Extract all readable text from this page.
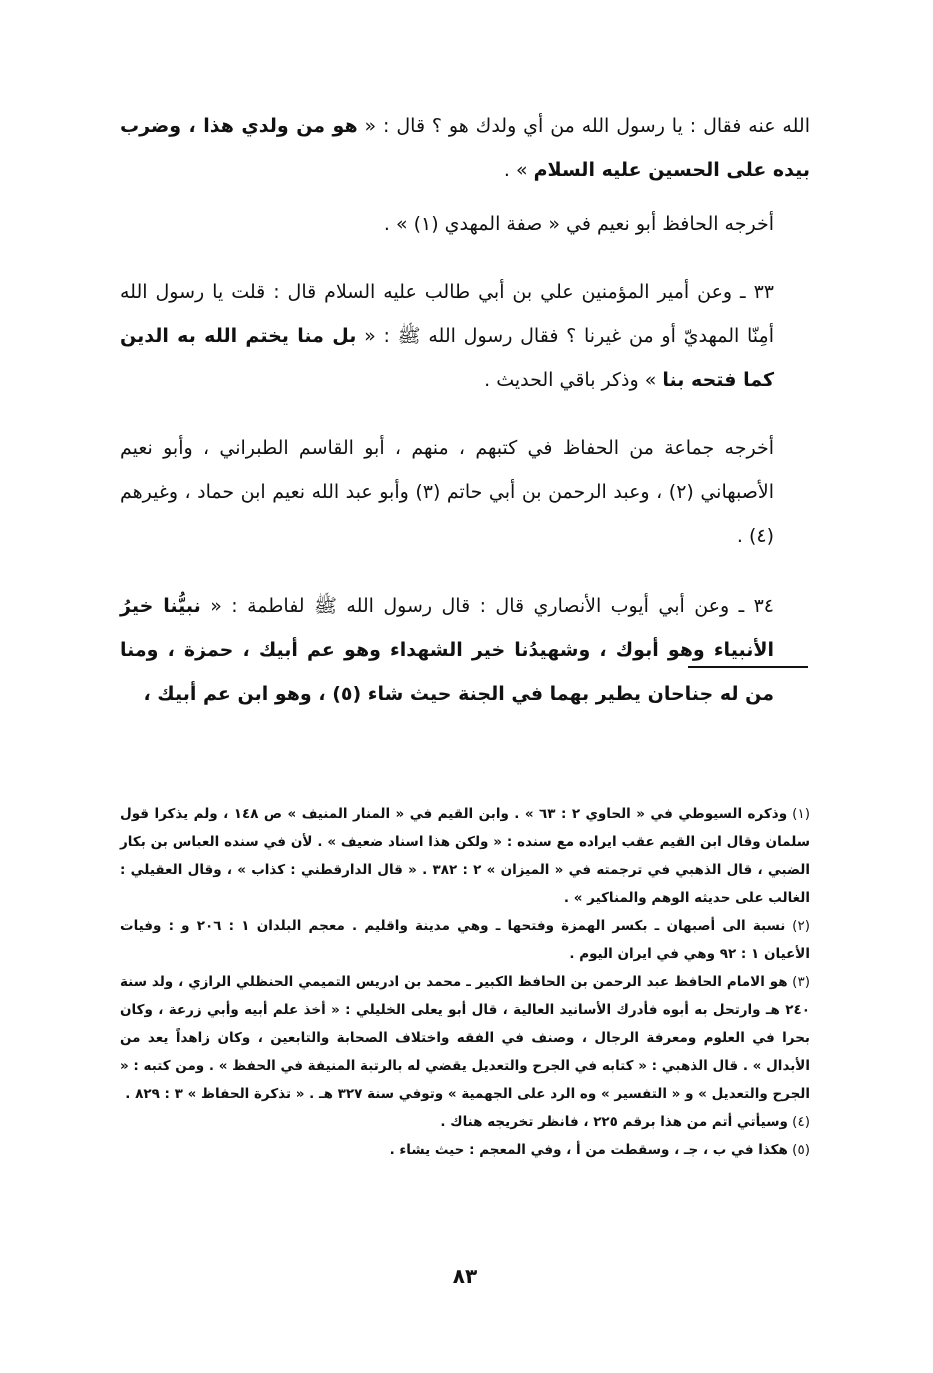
الله عنه فقال : يا رسول الله من أي ولدك هو ؟ قال : « هو من ولدي هذا ، وضرب بيده على الحسين عليه السلام » .

أخرجه الحافظ أبو نعيم في « صفة المهدي (١) » .

٣٣ ـ وعن أمير المؤمنين علي بن أبي طالب عليه السلام قال : قلت يا رسول الله أمِنّا المهديّ أو من غيرنا ؟ فقال رسول الله ﷺ : « بل منا يختم الله به الدين كما فتحه بنا » وذكر باقي الحديث .

أخرجه جماعة من الحفاظ في كتبهم ، منهم ، أبو القاسم الطبراني ، وأبو نعيم الأصبهاني (٢) ، وعبد الرحمن بن أبي حاتم (٣) وأبو عبد الله نعيم ابن حماد ، وغيرهم (٤) .

٣٤ ـ وعن أبي أيوب الأنصاري قال : قال رسول الله ﷺ لفاطمة : « نبيُّنا خيرُ الأنبياء وهو أبوك ، وشهيدُنا خير الشهداء وهو عم أبيك ، حمزة ، ومنا من له جناحان يطير بهما في الجنة حيث شاء (٥) ، وهو ابن عم أبيك ،

(١) وذكره السيوطي في « الحاوي ٢ : ٦٣ » . وابن القيم في « المنار المنيف » ص ١٤٨ ، ولم يذكرا قول سلمان وقال ابن القيم عقب ايراده مع سنده : « ولكن هذا اسناد ضعيف » . لأن في سنده العباس بن بكار الضبي ، قال الذهبي في ترجمته في « الميزان » ٢ : ٣٨٢ . « قال الدارقطني : كذاب » ، وقال العقيلي : الغالب على حديثه الوهم والمناكير » .

(٢) نسبة الى أصبهان ـ بكسر الهمزة وفتحها ـ وهي مدينة واقليم . معجم البلدان ١ : ٢٠٦ و : وفيات الأعيان ١ : ٩٢ وهي في ايران اليوم .

(٣) هو الامام الحافظ عبد الرحمن بن الحافظ الكبير ـ محمد بن ادريس التميمي الحنظلي الرازي ، ولد سنة ٢٤٠ هـ وارتحل به أبوه فأدرك الأسانيد العالية ، قال أبو يعلى الخليلي : « أخذ علم أبيه وأبي زرعة ، وكان بحرا في العلوم ومعرفة الرجال ، وصنف في الفقه واختلاف الصحابة والتابعين ، وكان زاهداً يعد من الأبدال » . قال الذهبي : « كتابه في الجرح والتعديل يقضي له بالرتبة المنيفة في الحفظ » . ومن كتبه : « الجرح والتعديل » و « التفسير » وه الرد على الجهمية » وتوفي سنة ٣٢٧ هـ . « تذكرة الحفاظ » ٣ : ٨٢٩ .

(٤) وسيأتي أتم من هذا برقم ٢٢٥ ، فانظر تخريجه هناك .

(٥) هكذا في ب ، جـ ، وسقطت من أ ، وفي المعجم : حيث يشاء .

٨٣
